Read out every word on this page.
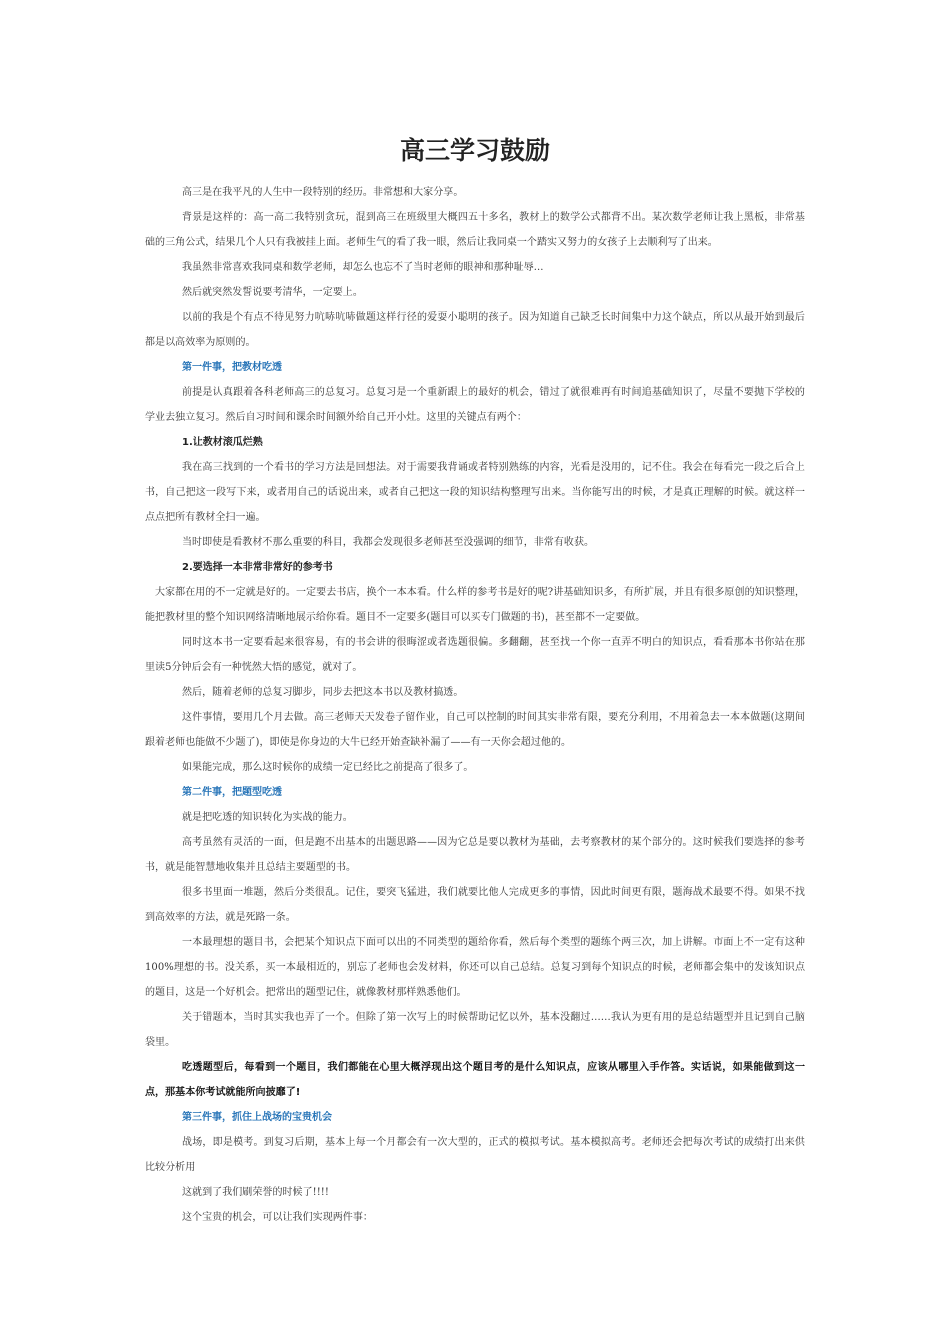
高三学习鼓励

高三是在我平凡的人生中一段特别的经历。非常想和大家分享。

背景是这样的：高一高二我特别贪玩，混到高三在班级里大概四五十多名，教材上的数学公式都背不出。某次数学老师让我上黑板，非常基础的三角公式，结果几个人只有我被挂上面。老师生气的看了我一眼，然后让我同桌一个踏实又努力的女孩子上去顺利写了出来。

我虽然非常喜欢我同桌和数学老师，却怎么也忘不了当时老师的眼神和那种耻辱...

然后就突然发誓说要考清华，一定要上。

以前的我是个有点不待见努力吭哧吭哧做题这样行径的爱耍小聪明的孩子。因为知道自己缺乏长时间集中力这个缺点，所以从最开始到最后都是以高效率为原则的。

第一件事，把教材吃透

前提是认真跟着各科老师高三的总复习。总复习是一个重新跟上的最好的机会，错过了就很难再有时间追基础知识了，尽量不要抛下学校的学业去独立复习。然后自习时间和课余时间额外给自己开小灶。这里的关键点有两个：

1.让教材滚瓜烂熟

我在高三找到的一个看书的学习方法是回想法。对于需要我背诵或者特别熟练的内容，光看是没用的，记不住。我会在每看完一段之后合上书，自己把这一段写下来，或者用自己的话说出来，或者自己把这一段的知识结构整理写出来。当你能写出的时候，才是真正理解的时候。就这样一点点把所有教材全扫一遍。

当时即使是看教材不那么重要的科目，我都会发现很多老师甚至没强调的细节，非常有收获。

2.要选择一本非常非常好的参考书

大家都在用的不一定就是好的。一定要去书店，换个一本本看。什么样的参考书是好的呢?讲基础知识多，有所扩展，并且有很多原创的知识整理，能把教材里的整个知识网络清晰地展示给你看。题目不一定要多(题目可以买专门做题的书)，甚至都不一定要做。

同时这本书一定要看起来很容易，有的书会讲的很晦涩或者选题很偏。多翻翻，甚至找一个你一直弄不明白的知识点，看看那本书你站在那里读5分钟后会有一种恍然大悟的感觉，就对了。

然后，随着老师的总复习脚步，同步去把这本书以及教材搞透。

这件事情，要用几个月去做。高三老师天天发卷子留作业，自己可以控制的时间其实非常有限，要充分利用，不用着急去一本本做题(这期间跟着老师也能做不少题了)，即使是你身边的大牛已经开始查缺补漏了——有一天你会超过他的。

如果能完成，那么这时候你的成绩一定已经比之前提高了很多了。

第二件事，把题型吃透

就是把吃透的知识转化为实战的能力。

高考虽然有灵活的一面，但是跑不出基本的出题思路——因为它总是要以教材为基础，去考察教材的某个部分的。这时候我们要选择的参考书，就是能智慧地收集并且总结主要题型的书。

很多书里面一堆题，然后分类很乱。记住，要突飞猛进，我们就要比他人完成更多的事情，因此时间更有限，题海战术最要不得。如果不找到高效率的方法，就是死路一条。

一本最理想的题目书，会把某个知识点下面可以出的不同类型的题给你看，然后每个类型的题练个两三次，加上讲解。市面上不一定有这种100%理想的书。没关系，买一本最相近的，别忘了老师也会发材料，你还可以自己总结。总复习到每个知识点的时候，老师都会集中的发该知识点的题目，这是一个好机会。把常出的题型记住，就像教材那样熟悉他们。

关于错题本，当时其实我也弄了一个。但除了第一次写上的时候帮助记忆以外，基本没翻过……我认为更有用的是总结题型并且记到自己脑袋里。

吃透题型后，每看到一个题目，我们都能在心里大概浮现出这个题目考的是什么知识点，应该从哪里入手作答。实话说，如果能做到这一点，那基本你考试就能所向披靡了!

第三件事，抓住上战场的宝贵机会

战场，即是模考。到复习后期，基本上每一个月都会有一次大型的，正式的模拟考试。基本模拟高考。老师还会把每次考试的成绩打出来供比较分析用

这就到了我们刷荣誉的时候了!!!!

这个宝贵的机会，可以让我们实现两件事：
